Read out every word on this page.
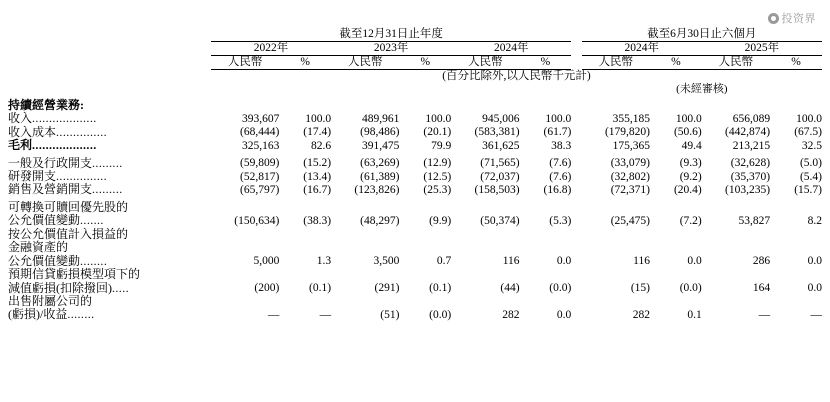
投资界
	截至12月31日止年度							截至6月30日止六個月			
	2022年		2023年		2024年			2024年		2025年	
	人民幣	%	人民幣	%	人民幣	%		人民幣	%	人民幣	%

	(百分比除外,以人民幣千元計)										
								(未經審核)			

持續經營業務:											
收入...................	393,607	100.0	489,961	100.0	945,006	100.0		355,185	100.0	656,089	100.0
收入成本...............	(68,444)	(17.4)	(98,486)	(20.1)	(583,381)	(61.7)		(179,820)	(50.6)	(442,874)	(67.5)
毛利...................	325,163	82.6	391,475	79.9	361,625	38.3		175,365	49.4	213,215	32.5

一般及行政開支.........	(59,809)	(15.2)	(63,269)	(12.9)	(71,565)	(7.6)		(33,079)	(9.3)	(32,628)	(5.0)
研發開支...............	(52,817)	(13.4)	(61,389)	(12.5)	(72,037)	(7.6)		(32,802)	(9.2)	(35,370)	(5.4)
銷售及營銷開支.........	(65,797)	(16.7)	(123,826)	(25.3)	(158,503)	(16.8)		(72,371)	(20.4)	(103,235)	(15.7)

可轉換可贖回優先股的											
公允價值變動.......	(150,634)	(38.3)	(48,297)	(9.9)	(50,374)	(5.3)		(25,475)	(7.2)	53,827	8.2
按公允價值計入損益的											
金融資產的											
公允價值變動........	5,000	1.3	3,500	0.7	116	0.0		116	0.0	286	0.0
預期信貸虧損模型項下的											
減值虧損(扣除撥回).....	(200)	(0.1)	(291)	(0.1)	(44)	(0.0)		(15)	(0.0)	164	0.0
出售附屬公司的											
(虧損)/收益........	—	—	(51)	(0.0)	282	0.0		282	0.1	—	—
